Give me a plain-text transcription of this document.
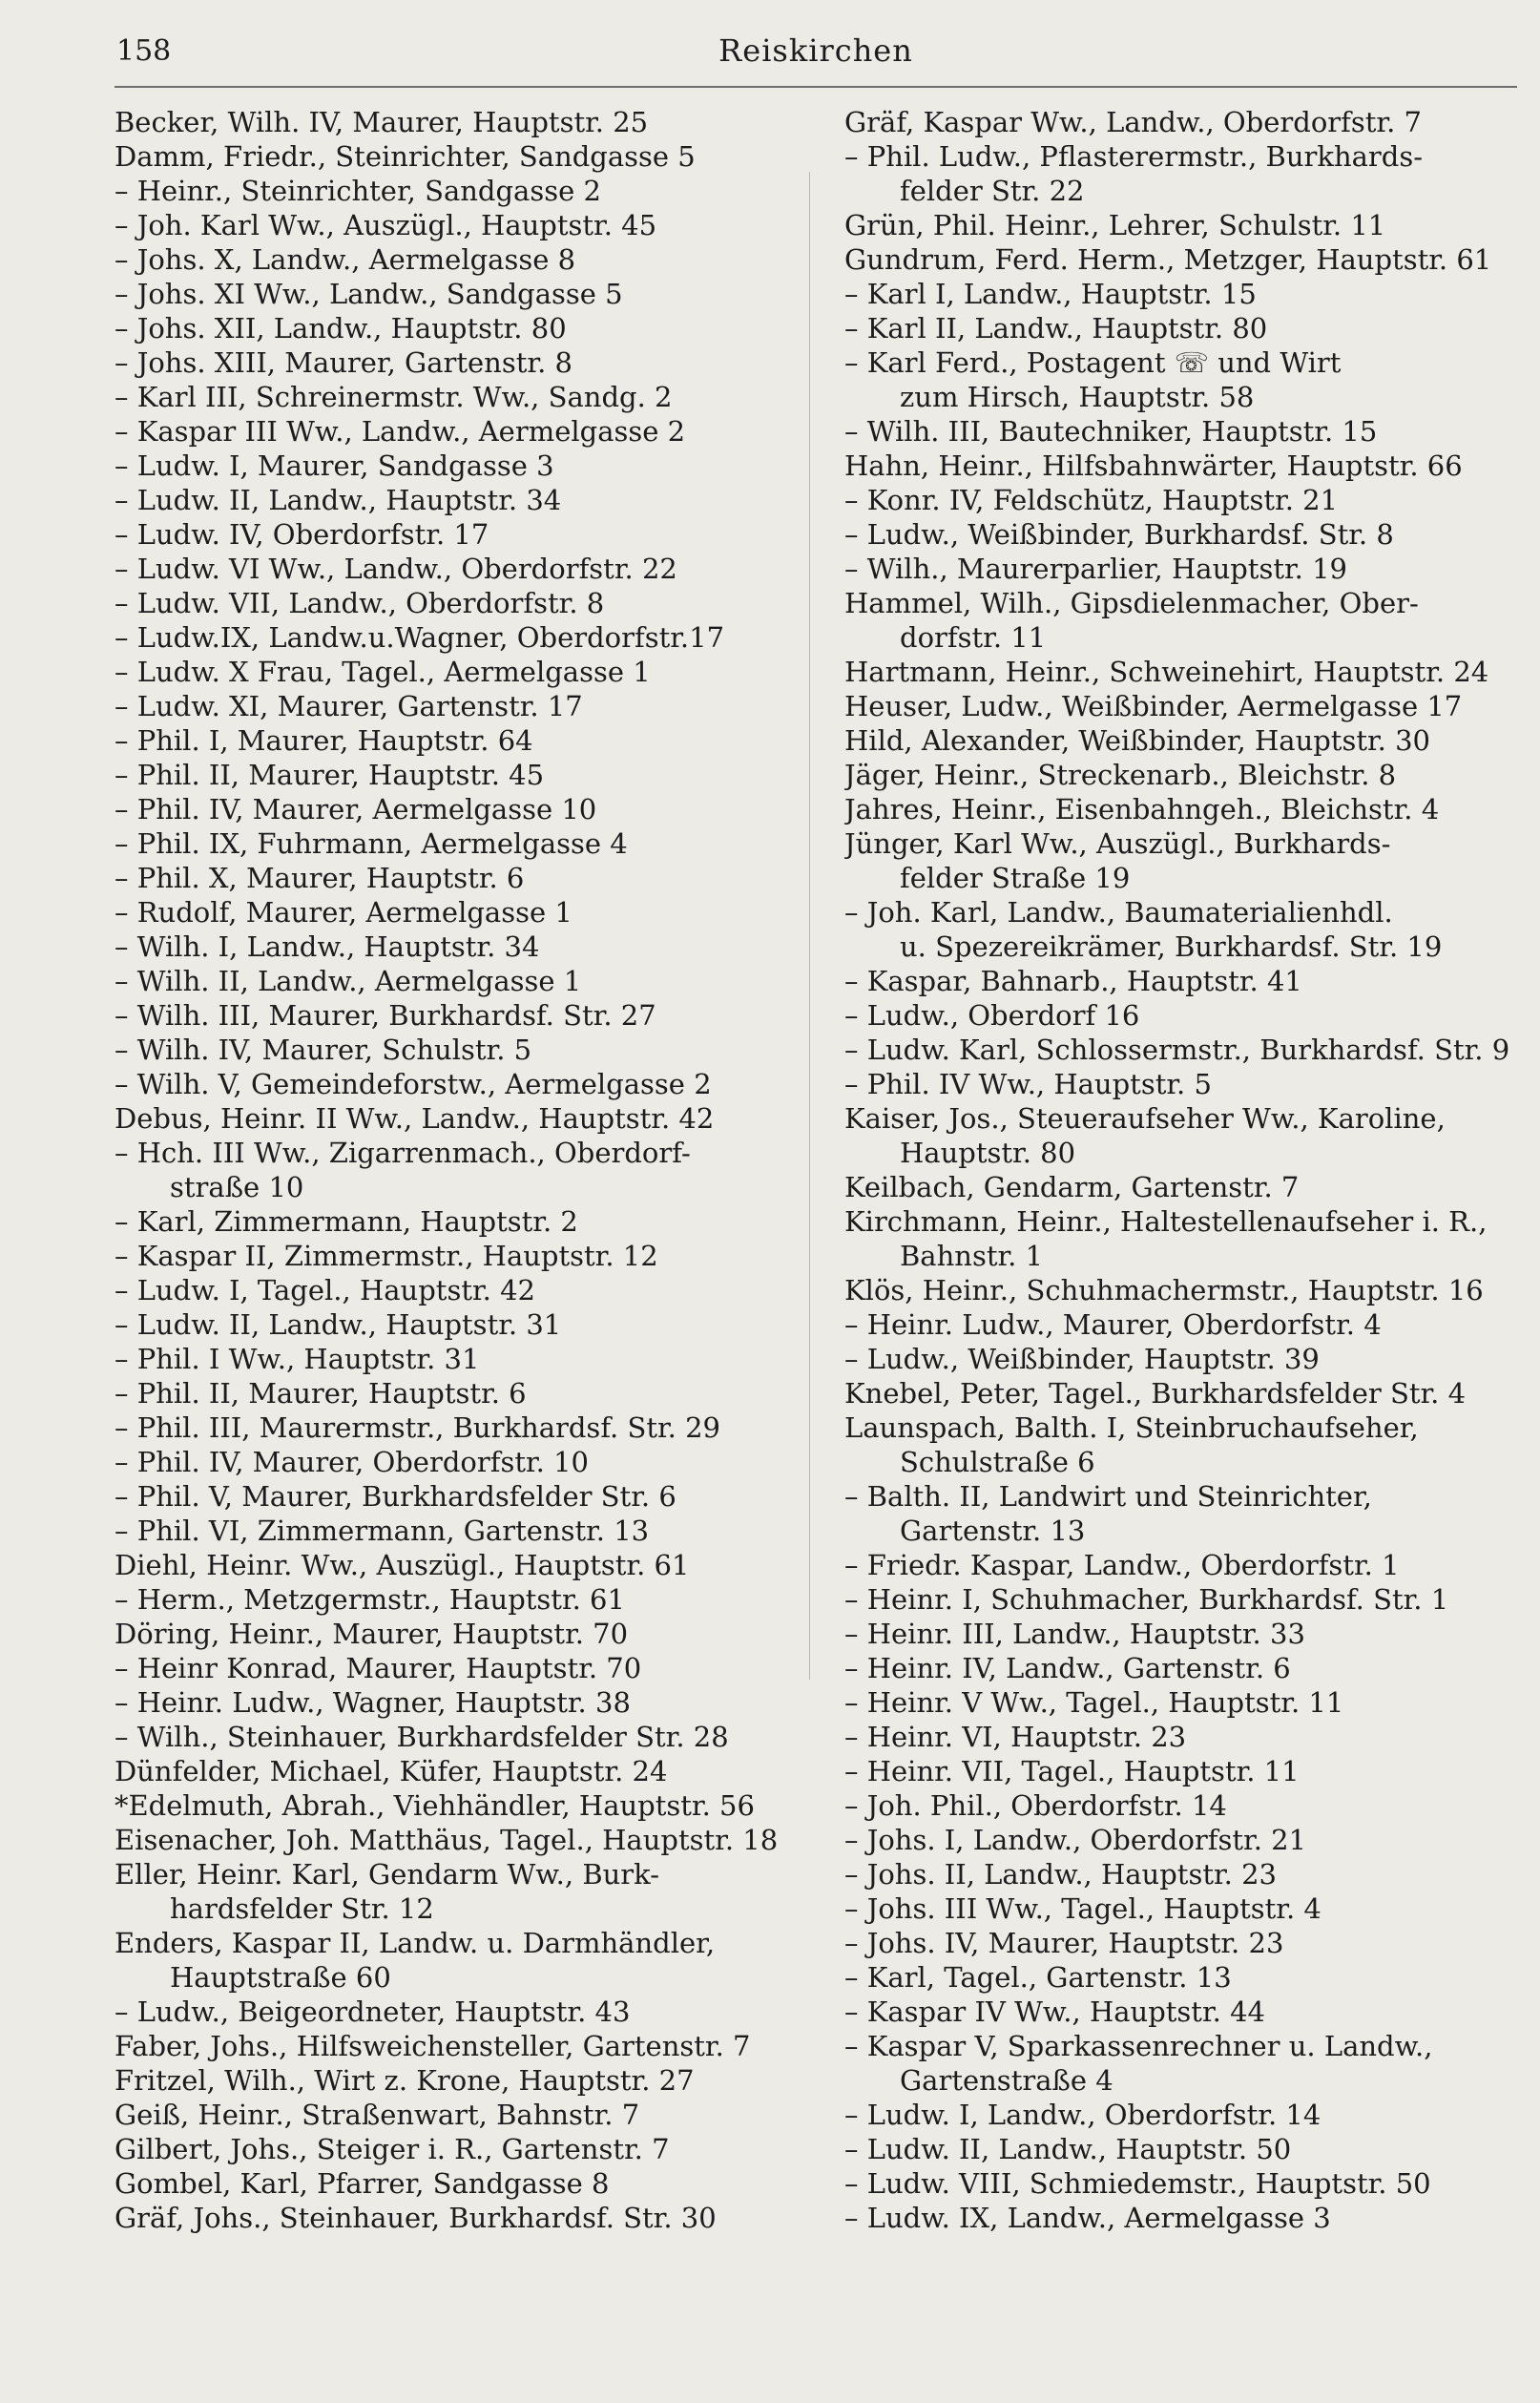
158	Reiskirchen
Becker, Wilh. IV, Maurer, Hauptstr. 25
Damm, Friedr., Steinrichter, Sandgasse 5
– Heinr., Steinrichter, Sandgasse 2
– Joh. Karl Ww., Auszügl., Hauptstr. 45
– Johs. X, Landw., Aermelgasse 8
– Johs. XI Ww., Landw., Sandgasse 5
– Johs. XII, Landw., Hauptstr. 80
– Johs. XIII, Maurer, Gartenstr. 8
– Karl III, Schreinermstr. Ww., Sandg. 2
– Kaspar III Ww., Landw., Aermelgasse 2
– Ludw. I, Maurer, Sandgasse 3
– Ludw. II, Landw., Hauptstr. 34
– Ludw. IV, Oberdorfstr. 17
– Ludw. VI Ww., Landw., Oberdorfstr. 22
– Ludw. VII, Landw., Oberdorfstr. 8
– Ludw.IX, Landw.u.Wagner, Oberdorfstr.17
– Ludw. X Frau, Tagel., Aermelgasse 1
– Ludw. XI, Maurer, Gartenstr. 17
– Phil. I, Maurer, Hauptstr. 64
– Phil. II, Maurer, Hauptstr. 45
– Phil. IV, Maurer, Aermelgasse 10
– Phil. IX, Fuhrmann, Aermelgasse 4
– Phil. X, Maurer, Hauptstr. 6
– Rudolf, Maurer, Aermelgasse 1
– Wilh. I, Landw., Hauptstr. 34
– Wilh. II, Landw., Aermelgasse 1
– Wilh. III, Maurer, Burkhardsf. Str. 27
– Wilh. IV, Maurer, Schulstr. 5
– Wilh. V, Gemeindeforstw., Aermelgasse 2
Debus, Heinr. II Ww., Landw., Hauptstr. 42
– Hch. III Ww., Zigarrenmach., Oberdorf-
straße 10
– Karl, Zimmermann, Hauptstr. 2
– Kaspar II, Zimmermstr., Hauptstr. 12
– Ludw. I, Tagel., Hauptstr. 42
– Ludw. II, Landw., Hauptstr. 31
– Phil. I Ww., Hauptstr. 31
– Phil. II, Maurer, Hauptstr. 6
– Phil. III, Maurermstr., Burkhardsf. Str. 29
– Phil. IV, Maurer, Oberdorfstr. 10
– Phil. V, Maurer, Burkhardsfelder Str. 6
– Phil. VI, Zimmermann, Gartenstr. 13
Diehl, Heinr. Ww., Auszügl., Hauptstr. 61
– Herm., Metzgermstr., Hauptstr. 61
Döring, Heinr., Maurer, Hauptstr. 70
– Heinr Konrad, Maurer, Hauptstr. 70
– Heinr. Ludw., Wagner, Hauptstr. 38
– Wilh., Steinhauer, Burkhardsfelder Str. 28
Dünfelder, Michael, Küfer, Hauptstr. 24
*Edelmuth, Abrah., Viehhändler, Hauptstr. 56
Eisenacher, Joh. Matthäus, Tagel., Hauptstr. 18
Eller, Heinr. Karl, Gendarm Ww., Burk-
hardsfelder Str. 12
Enders, Kaspar II, Landw. u. Darmhändler,
Hauptstraße 60
– Ludw., Beigeordneter, Hauptstr. 43
Faber, Johs., Hilfsweichensteller, Gartenstr. 7
Fritzel, Wilh., Wirt z. Krone, Hauptstr. 27
Geiß, Heinr., Straßenwart, Bahnstr. 7
Gilbert, Johs., Steiger i. R., Gartenstr. 7
Gombel, Karl, Pfarrer, Sandgasse 8
Gräf, Johs., Steinhauer, Burkhardsf. Str. 30
Gräf, Kaspar Ww., Landw., Oberdorfstr. 7
– Phil. Ludw., Pflasterermstr., Burkhards-
felder Str. 22
Grün, Phil. Heinr., Lehrer, Schulstr. 11
Gundrum, Ferd. Herm., Metzger, Hauptstr. 61
– Karl I, Landw., Hauptstr. 15
– Karl II, Landw., Hauptstr. 80
– Karl Ferd., Postagent ☏ und Wirt
zum Hirsch, Hauptstr. 58
– Wilh. III, Bautechniker, Hauptstr. 15
Hahn, Heinr., Hilfsbahnwärter, Hauptstr. 66
– Konr. IV, Feldschütz, Hauptstr. 21
– Ludw., Weißbinder, Burkhardsf. Str. 8
– Wilh., Maurerparlier, Hauptstr. 19
Hammel, Wilh., Gipsdielenmacher, Ober-
dorfstr. 11
Hartmann, Heinr., Schweinehirt, Hauptstr. 24
Heuser, Ludw., Weißbinder, Aermelgasse 17
Hild, Alexander, Weißbinder, Hauptstr. 30
Jäger, Heinr., Streckenarb., Bleichstr. 8
Jahres, Heinr., Eisenbahngeh., Bleichstr. 4
Jünger, Karl Ww., Auszügl., Burkhards-
felder Straße 19
– Joh. Karl, Landw., Baumaterialienhdl.
u. Spezereikrämer, Burkhardsf. Str. 19
– Kaspar, Bahnarb., Hauptstr. 41
– Ludw., Oberdorf 16
– Ludw. Karl, Schlossermstr., Burkhardsf. Str. 9
– Phil. IV Ww., Hauptstr. 5
Kaiser, Jos., Steueraufseher Ww., Karoline,
Hauptstr. 80
Keilbach, Gendarm, Gartenstr. 7
Kirchmann, Heinr., Haltestellenaufseher i. R.,
Bahnstr. 1
Klös, Heinr., Schuhmachermstr., Hauptstr. 16
– Heinr. Ludw., Maurer, Oberdorfstr. 4
– Ludw., Weißbinder, Hauptstr. 39
Knebel, Peter, Tagel., Burkhardsfelder Str. 4
Launspach, Balth. I, Steinbruchaufseher,
Schulstraße 6
– Balth. II, Landwirt und Steinrichter,
Gartenstr. 13
– Friedr. Kaspar, Landw., Oberdorfstr. 1
– Heinr. I, Schuhmacher, Burkhardsf. Str. 1
– Heinr. III, Landw., Hauptstr. 33
– Heinr. IV, Landw., Gartenstr. 6
– Heinr. V Ww., Tagel., Hauptstr. 11
– Heinr. VI, Hauptstr. 23
– Heinr. VII, Tagel., Hauptstr. 11
– Joh. Phil., Oberdorfstr. 14
– Johs. I, Landw., Oberdorfstr. 21
– Johs. II, Landw., Hauptstr. 23
– Johs. III Ww., Tagel., Hauptstr. 4
– Johs. IV, Maurer, Hauptstr. 23
– Karl, Tagel., Gartenstr. 13
– Kaspar IV Ww., Hauptstr. 44
– Kaspar V, Sparkassenrechner u. Landw.,
Gartenstraße 4
– Ludw. I, Landw., Oberdorfstr. 14
– Ludw. II, Landw., Hauptstr. 50
– Ludw. VIII, Schmiedemstr., Hauptstr. 50
– Ludw. IX, Landw., Aermelgasse 3
